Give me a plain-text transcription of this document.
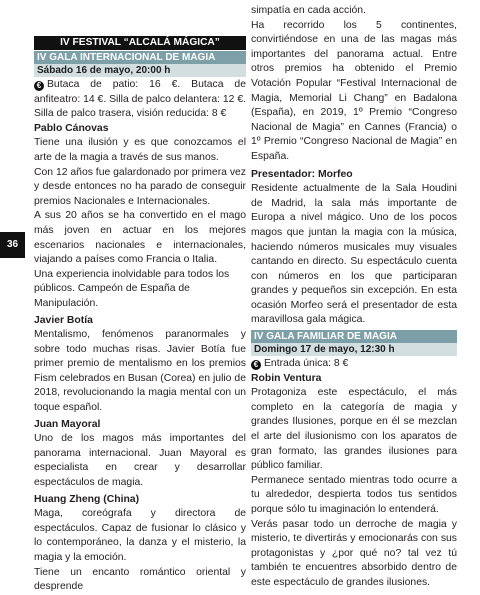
36
IV FESTIVAL “ALCALÁ MÁGICA”
IV GALA INTERNACIONAL DE MAGIA
Sábado 16 de mayo, 20:00 h

€ Butaca de patio: 16 €. Butaca de anfiteatro: 14 €. Silla de palco delantera: 12 €. Silla de palco trasera, visión reducida: 8 €

Pablo Cánovas

Tiene una ilusión y es que conozcamos el arte de la magia a través de sus manos.

Con 12 años fue galardonado por primera vez y desde entonces no ha parado de conseguir premios Nacionales e Internacionales.

A sus 20 años se ha convertido en el mago más joven en actuar en los mejores escenarios nacionales e internacionales, viajando a países como Francia o Italia.

Una experiencia inolvidable para todos los públicos. Campeón de España de Manipulación.

Javier Botía

Mentalismo, fenómenos paranormales y sobre todo muchas risas. Javier Botía fue primer premio de mentalismo en los premios Fism celebrados en Busan (Corea) en julio de 2018, revolucionando la magia mental con un toque español.

Juan Mayoral

Uno de los magos más importantes del panorama internacional. Juan Mayoral es especialista en crear y desarrollar espectáculos de magia.

Huang Zheng (China)

Maga, coreógrafa y directora de espectáculos. Capaz de fusionar lo clásico y lo contemporáneo, la danza y el misterio, la magia y la emoción.

Tiene un encanto romántico oriental y desprende

simpatía en cada acción.

Ha recorrido los 5 continentes, convirtiéndose en una de las magas más importantes del panorama actual. Entre otros premios ha obtenido el Premio Votación Popular “Festival Internacional de Magia, Memorial Li Chang” en Badalona (España), en 2019, 1º Premio “Congreso Nacional de Magia” en Cannes (Francia) o 1º Premio “Congreso Nacional de Magia” en España.

Presentador: Morfeo

Residente actualmente de la Sala Houdini de Madrid, la sala más importante de Europa a nivel mágico. Uno de los pocos magos que juntan la magia con la música, haciendo números musicales muy visuales cantando en directo. Su espectáculo cuenta con números en los que participaran grandes y pequeños sin excepción. En esta ocasión Morfeo será el presentador de esta maravillosa gala mágica.

IV GALA FAMILIAR DE MAGIA
Domingo 17 de mayo, 12:30 h

€ Entrada única: 8 €

Robin Ventura

Protagoniza este espectáculo, el más completo en la categoría de magia y grandes Ilusiones, porque en él se mezclan el arte del ilusionismo con los aparatos de gran formato, las grandes ilusiones para público familiar.

Permanece sentado mientras todo ocurre a tu alrededor, despierta todos tus sentidos porque sólo tu imaginación lo entenderá.

Verás pasar todo un derroche de magia y misterio, te divertirás y emocionarás con sus protagonistas y ¿por qué no? tal vez tú también te encuentres absorbido dentro de este espectáculo de grandes ilusiones.
